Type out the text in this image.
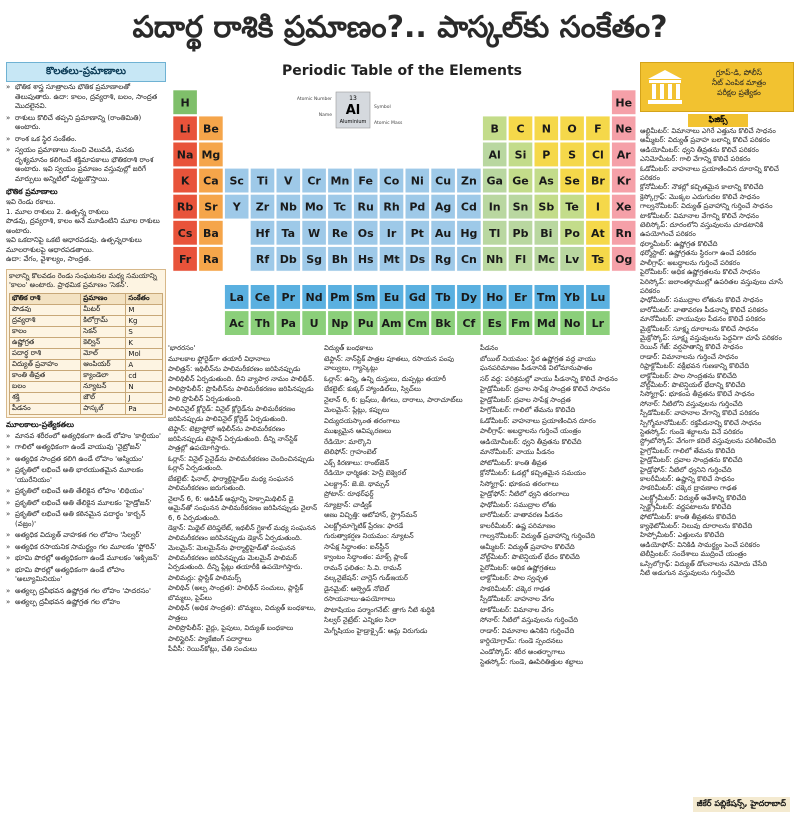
పదార్థ రాశికి ప్రమాణం?.. పాస్కల్‌కు సంకేతం?
కొలతలు-ప్రమాణాలు
» భౌతిక శాస్త్ర సూత్రాలను భౌతిక ప్రమాణాలతో తెలుపుతారు. ఉదా: కాలం, ద్రవ్యరాశి, బలం, సాంద్రత మొదలైనవి.
» రాశులు కొలిచే తప్పని ప్రమాణాన్ని (రాంతిమితి) అంటారు.
» రాంశ ఒక స్థిర సంకేతం.
» స్వయం ప్రమాణాలు నుంచి వెలువడి, మనకు దృశ్యమానం కలిగించే శక్తిమాపకాలు భౌతికరాశి రాంశ అంటారు. ఇవి స్వయం ప్రమాణం వస్తువుల్లో జరిగే మార్పులు అన్నిటిలో పుట్టుకొస్తాయి.
భౌతిక ప్రమాణాలు
ఇవి రెండు రకాలు.
1. మూల రాశులు 2. ఉత్పన్న రాశులు
పొడవు, ద్రవ్యరాశి, కాలం అనే మూడింటిని మూల రాశులు అంటారు.
ఇవి ఒకదానిపై ఒకటి ఆధారపడవు. ఉత్పన్నరాశులు మూలరాశులపై ఆధారపడతాయి.
ఉదా: వేగం, వైశాల్యం, సాంద్రత.
కాలాన్ని కొలవడం రెండు సంఘటనల మధ్య సమయాన్ని 'కాలం' అంటారు. ప్రాథమిక ప్రమాణం 'సెకన్'.
భౌతిక రాశి	ప్రమాణం	సంకేతం
పొడవు	మీటర్	M
ద్రవ్యరాశి	కిలోగ్రామ్	Kg
కాలం	సెకన్	S
ఉష్ణోగ్రత	కెల్విన్	K
పదార్థ రాశి	మోల్	Mol
విద్యుత్ ప్రవాహం	ఆంపియర్	A
కాంతి తీవ్రత	క్యాండెలా	cd
బలం	న్యూటన్	N
శక్తి	జౌల్	J
పీడనం	పాస్కల్	Pa
మూలకాలు-ప్రత్యేకతలు
» మానవ శరీరంలో అత్యధికంగా ఉండే లోహం 'కాల్షియం'
» గాలిలో అత్యధికంగా ఉండే వాయువు 'నైట్రోజన్'
» అత్యధిక సాంద్రత కలిగి ఉండే లోహం 'ఆస్మియం'
» ప్రకృతిలో లభించే అతి భారయుతమైన మూలకం 'యురేనియం'
» ప్రకృతిలో లభించే అతి తేలికైన లోహం 'లిథియం'
» ప్రకృతిలో లభించే అతి తేలికైన మూలకం 'హైడ్రోజన్'
» ప్రకృతిలో లభించే అతి కఠినమైన పదార్థం 'కార్బన్ (వజ్రం)'
» అత్యధిక విద్యుత్ వాహకత గల లోహం 'సిల్వర్'
» అత్యధిక రసాయనిక సామర్థ్యం గల మూలకం 'ఫ్లోరిన్'
» భూమి పొరల్లో అత్యధికంగా ఉండే మూలకం 'ఆక్సిజన్'
» భూమి పొరల్లో అత్యధికంగా ఉండే లోహం 'అల్యూమినియం'
» అత్యల్ప ద్రవీభవన ఉష్ణోగ్రత గల లోహం 'పాదరసం'
» అత్యల్ప ద్రవీభవన ఉష్ణోగ్రత గల లోహం
Periodic Table of the Elements
H	He
Li Be	B C N O F Ne
Na Mg	Al Si P S Cl Ar
K Ca Sc Ti V Cr Mn Fe Co Ni Cu Zn Ga Ge As Se Br Kr
Rb Sr Y Zr Nb Mo Tc Ru Rh Pd Ag Cd In Sn Sb Te I Xe
Cs Ba	Hf Ta W Re Os Ir Pt Au Hg Tl Pb Bi Po At Rn
Fr Ra	Rf Db Sg Bh Hs Mt Ds Rg Cn Nh Fl Mc Lv Ts Og
La Ce Pr Nd Pm Sm Eu Gd Tb Dy Ho Er Tm Yb Lu
Ac Th Pa U Np Pu Am Cm Bk Cf Es Fm Md No Lr
13
Al
Aluminium
Atomic Number
Symbol
Name
Atomic Mass

'భారరసం'

మూలకాల ఫ్లోరైడ్‌గా తయారీ విధానాలు

పాలిత్రన్: ఇథిలీన్‌ను పాలిమరీకరణం జరిపినప్పుడు పాలిథిలీన్ ఏర్పడుతుంది. దీని వ్యాపార నామం పాలిథీన్.

పాలిప్రొపిలీన్: ప్రొపిలీన్‌ను పాలిమరీకరణం జరిపినప్పుడు పాలి ప్రొపిలీన్ ఏర్పడుతుంది.

పాలివినైల్ క్లోరైడ్: వినైల్ క్లోరైడ్‌ను పాలిమరీకరణం జరిపినప్పుడు పాలివినైల్ క్లోరైడ్ ఏర్పడుతుంది.

టెఫ్లాన్: టెట్రాఫ్లోరో ఇథిలీన్‌ను పాలిమరీకరణం జరిపినప్పుడు టెఫ్లాన్ ఏర్పడుతుంది. దీన్ని నాన్‌స్టిక్ పాత్రల్లో ఉపయోగిస్తారు.

ఓర్లాన్: వినైల్ సైనైడ్‌ను పాలిమరీకరణం చెందించినప్పుడు ఓర్లాన్ ఏర్పడుతుంది.

బేకలైట్: ఫినాల్, ఫార్మాల్డిహైడ్‌ల మధ్య సంఘనన పాలిమరీకరణం జరుగుతుంది.

నైలాన్ 6, 6: అడిపిక్ ఆమ్లాన్ని హెక్సామిథిలిన్ డై అమైన్‌తో సంఘనన పాలిమరీకరణం జరిపినప్పుడు నైలాన్ 6, 6 ఏర్పడుతుంది.

డెక్రాన్: మిథైల్ టెరిఫ్తలేట్, ఇథలీన్ గ్లైకాల్ మధ్య సంఘనన పాలిమరీకరణం జరిపినప్పుడు డెక్రాన్ ఏర్పడుతుంది.

మెలమైన్: మెలమైన్‌ను ఫార్మాల్డిహైడ్‌తో సంఘనన పాలిమరీకరణం జరిపినప్పుడు మెలమైన్ పాలిమర్ ఏర్పడుతుంది. దీన్ని ప్లేట్లు తయారీకి ఉపయోగిస్తారు.

పాలిమర్లు: ప్లాస్టిక్ పాలిమర్స్

పాలిథిన్ (అల్ప సాంద్రత): పాలిథీన్ సంచులు, ప్లాస్టిక్ బొమ్మలు, పైప్‌లు

పాలిథిన్ (అధిక సాంద్రత): బొమ్మలు, విద్యుత్ బంధకాలు, పాత్రలు

పాలిప్రొపిలీన్: వైర్లు, పైపులు, విద్యుత్ బంధకాలు

పాలిస్టైరిన్: ప్యాకేజింగ్ పదార్థాలు

పీవీసీ: రెయిన్‌కోట్లు, చేతి సంచులు

విద్యుత్ బంధకాలు

టెఫ్లాన్: నాన్‌స్టిక్ పాత్రల పూతలు, రసాయన పంపు వాల్వులు, గ్యాస్కెట్లు

ఓర్లాన్: ఉన్ని, ఉన్ని దుస్తులు, దుప్పట్లు తయారీ

బేకలైట్: కుక్కర్ హ్యాండిల్‌లు, స్విచ్‌లు

నైలాన్ 6, 6: బ్రష్‌లు, తీగలు, దారాలు, పారాచూట్‌లు

మెలమైన్: ప్లేట్లు, కప్పులు

విద్యుదయస్కాంత తరంగాలు

ముఖ్యమైన ఆవిష్కరణలు

రేడియో: మార్కొని

టెలిఫోన్: గ్రాహంబెల్

ఎక్స్ కిరణాలు: రాంట్‌జెన్

రేడియో ధార్మికత: హెన్రీ బెక్వెరల్

ఎలక్ట్రాన్: జె.జె. థామ్సన్

ప్రోటాన్: రూథర్‌ఫర్డ్

న్యూట్రాన్: చాడ్విక్

అణు విచ్ఛిత్తి: ఆటోహాన్, స్ట్రాస్‌మన్

ఎలక్ట్రోమాగ్నెటిక్ ప్రేరణ: ఫారడే

గురుత్వాకర్షణ నియమం: న్యూటన్

సాపేక్ష సిద్ధాంతం: ఐన్‌స్టీన్

క్వాంటం సిద్ధాంతం: మాక్స్ ప్లాంక్

రామన్ ఫలితం: సి.వి. రామన్

వల్కనైజేషన్: చార్లెస్ గుడ్‌ఇయర్

డైనమైట్: ఆల్ఫ్రెడ్ నోబెల్

రసాయనాలు-ఉపయోగాలు

పొటాషియం పర్మాంగనేట్: త్రాగు నీటి శుద్ధికి

సిల్వర్ నైట్రేట్: ఎన్నికల సిరా

మెగ్నీషియం హైడ్రాక్సైడ్: ఆమ్ల విరుగుడు

పీడనం

బోయిల్ నియమం: స్థిర ఉష్ణోగ్రత వద్ద వాయు ఘనపరిమాణం పీడనానికి విలోమానుపాతం

సర్ వద్ద: పరిశ్రమల్లో వాయు పీడనాన్ని కొలిచే సాధనం

హైడ్రోమీటర్: ద్రవాల సాపేక్ష సాంద్రత కొలిచే సాధనం

హైడ్రోమీటర్: ద్రవాల సాపేక్ష సాంద్రత

హిగ్రోమీటర్: గాలిలో తేమను కొలిచేది

ఓడోమీటర్: వాహనాలు ప్రయాణించిన దూరం

పాలీగ్రాఫ్: అబద్ధాలను గుర్తించే యంత్రం

ఆడియోమీటర్: ధ్వని తీవ్రతను కొలిచేది

మానోమీటర్: వాయు పీడనం

పోటోమీటర్: కాంతి తీవ్రత

క్రోనోమీటర్: ఓడల్లో కచ్చితమైన సమయం

సిస్మోగ్రాఫ్: భూకంప తరంగాలు

హైడ్రోఫోన్: నీటిలో ధ్వని తరంగాలు

ఫాథోమీటర్: సముద్రాల లోతు

బారోమీటర్: వాతావరణ పీడనం

కాలరీమీటర్: ఉష్ణ పరిమాణం

గాల్వనోమీటర్: విద్యుత్ ప్రవాహాన్ని గుర్తించేది

అమ్మీటర్: విద్యుత్ ప్రవాహం కొలిచేది

వోల్ట్‌మీటర్: పొటెన్షియల్ భేదం కొలిచేది

పైరోమీటర్: అధిక ఉష్ణోగ్రతలు

లాక్టోమీటర్: పాల స్వచ్ఛత

సాకరిమీటర్: చక్కెర గాఢత

స్పీడోమీటర్: వాహనాల వేగం

టాకోమీటర్: విమానాల వేగం

సోనార్: నీటిలో వస్తువులను గుర్తించేది

రాడార్: విమానాల ఉనికిని గుర్తించేది

కార్డియోగ్రామ్: గుండె స్పందనలు

ఎండోస్కోప్: శరీర అంతర్భాగాలు

స్టెతస్కోప్: గుండె, ఊపిరితిత్తుల శబ్దాలు

గ్రూప్-డి, పోలీస్
నీట్ ఎంపిక మాత్రం
పరీక్షల ప్రత్యేకం
ఫిజిక్స్
ఆల్టిమీటర్: విమానాలు ఎగిరే ఎత్తును కొలిచే సాధనం
అమ్మీటర్: విద్యుత్ ప్రవాహ బలాన్ని కొలిచే పరికరం
ఆడియోమీటర్: ధ్వని తీవ్రతను కొలిచే పరికరం
ఎనిమోమీటర్: గాలి వేగాన్ని కొలిచే పరికరం
ఓడోమీటర్: వాహనాలు ప్రయాణించిన దూరాన్ని కొలిచే పరికరం
క్రోనోమీటర్: నౌకల్లో కచ్చితమైన కాలాన్ని కొలిచేది
క్రెస్కోగ్రాఫ్: మొక్కల ఎదుగుదల కొలిచే సాధనం
గాల్వనోమీటర్: విద్యుత్ ప్రవాహాన్ని గుర్తించే సాధనం
టాకోమీటర్: విమానాల వేగాన్ని కొలిచే సాధనం
టెలిస్కోప్: దూరంలోని వస్తువులను చూడటానికి ఉపయోగించే పరికరం
థర్మామీటర్: ఉష్ణోగ్రత కొలిచేది
థర్మోస్టాట్: ఉష్ణోగ్రతను స్థిరంగా ఉంచే పరికరం
పాలీగ్రాఫ్: అబద్ధాలను గుర్తించే పరికరం
పైరోమీటర్: అధిక ఉష్ణోగ్రతలను కొలిచే సాధనం
పెరిస్కోప్: జలాంతర్గాముల్లో ఉపరితల వస్తువులు చూసే పరికరం
ఫాథోమీటర్: సముద్రాల లోతును కొలిచే సాధనం
బారోమీటర్: వాతావరణ పీడనాన్ని కొలిచే పరికరం
మానోమీటర్: వాయువుల పీడనం కొలిచే పరికరం
మైక్రోమీటర్: సూక్ష్మ దూరాలను కొలిచే సాధనం
మైక్రోస్కోప్: సూక్ష్మ వస్తువులను పెద్దవిగా చూపే పరికరం
రెయిన్ గేజ్: వర్షపాతాన్ని కొలిచే సాధనం
రాడార్: విమానాలను గుర్తించే సాధనం
రిఫ్రాక్టోమీటర్: వక్రీభవన గుణకాన్ని కొలిచేది
లాక్టోమీటర్: పాల సాంద్రతను కొలిచేది
వోల్ట్‌మీటర్: పొటెన్షియల్ భేదాన్ని కొలిచేది
సిస్మోగ్రాఫ్: భూకంప తీవ్రతను కొలిచే సాధనం
సోనార్: నీటిలోని వస్తువులను గుర్తించేది
స్పీడోమీటర్: వాహనాల వేగాన్ని కొలిచే పరికరం
స్పిగ్మోమానోమీటర్: రక్తపీడనాన్ని కొలిచే సాధనం
స్టెతస్కోప్: గుండె శబ్దాలను వినే పరికరం
స్ట్రోబోస్కోప్: వేగంగా కదిలే వస్తువులను పరిశీలించేది
హైగ్రోమీటర్: గాలిలో తేమను కొలిచేది
హైడ్రోమీటర్: ద్రవాల సాంద్రతను కొలిచేది
హైడ్రోఫోన్: నీటిలో ధ్వనిని గుర్తించేది
కాలరీమీటర్: ఉష్ణాన్ని కొలిచే సాధనం
సాకరిమీటర్: చక్కెర ద్రావణాల గాఢత
ఎలక్ట్రోమీటర్: విద్యుత్ ఆవేశాన్ని కొలిచేది
స్పెక్ట్రోమీటర్: వర్ణపటాలను కొలిచేది
ఫోటోమీటర్: కాంతి తీవ్రతను కొలిచేది
క్యాథెటోమీటర్: నిలువు దూరాలను కొలిచేది
హిప్సోమీటర్: ఎత్తులను కొలిచేది
ఆడియోఫోన్: వినికిడి సామర్థ్యం పెంచే పరికరం
టెలీప్రింటర్: సందేశాలు ముద్రించే యంత్రం
ఒస్సిలోగ్రాఫ్: విద్యుత్ డోలనాలను నమోదు చేసేది
నీటి అడుగున వస్తువులను గుర్తించేది
జీకేర్ పబ్లికేషన్స్, హైదరాబాద్
